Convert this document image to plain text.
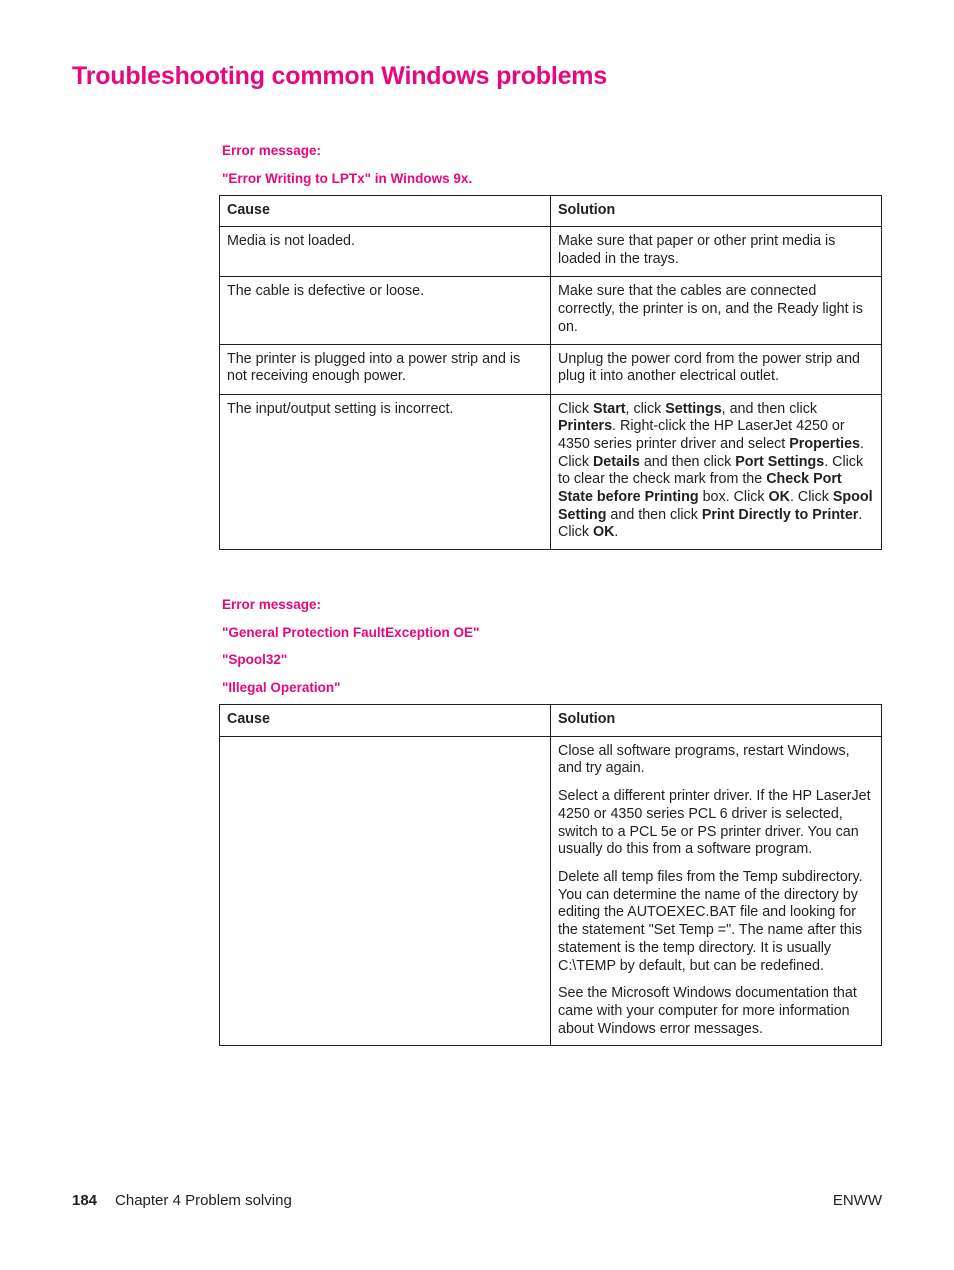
Troubleshooting common Windows problems
Error message:
"Error Writing to LPTx" in Windows 9x.
Cause	Solution
Media is not loaded.	Make sure that paper or other print media is loaded in the trays.
The cable is defective or loose.	Make sure that the cables are connected correctly, the printer is on, and the Ready light is on.
The printer is plugged into a power strip and is not receiving enough power.	Unplug the power cord from the power strip and plug it into another electrical outlet.
The input/output setting is incorrect.	Click Start, click Settings, and then click Printers. Right-click the HP LaserJet 4250 or 4350 series printer driver and select Properties. Click Details and then click Port Settings. Click to clear the check mark from the Check Port State before Printing box. Click OK. Click Spool Setting and then click Print Directly to Printer. Click OK.
Error message:
"General Protection FaultException OE"
"Spool32"
"Illegal Operation"
Cause	Solution

	Close all software programs, restart Windows, and try again.

Select a different printer driver. If the HP LaserJet 4250 or 4350 series PCL 6 driver is selected, switch to a PCL 5e or PS printer driver. You can usually do this from a software program.

Delete all temp files from the Temp subdirectory. You can determine the name of the directory by editing the AUTOEXEC.BAT file and looking for the statement "Set Temp =". The name after this statement is the temp directory. It is usually C:\TEMP by default, but can be redefined.

See the Microsoft Windows documentation that came with your computer for more information about Windows error messages.

184 Chapter 4 Problem solving	ENWW
